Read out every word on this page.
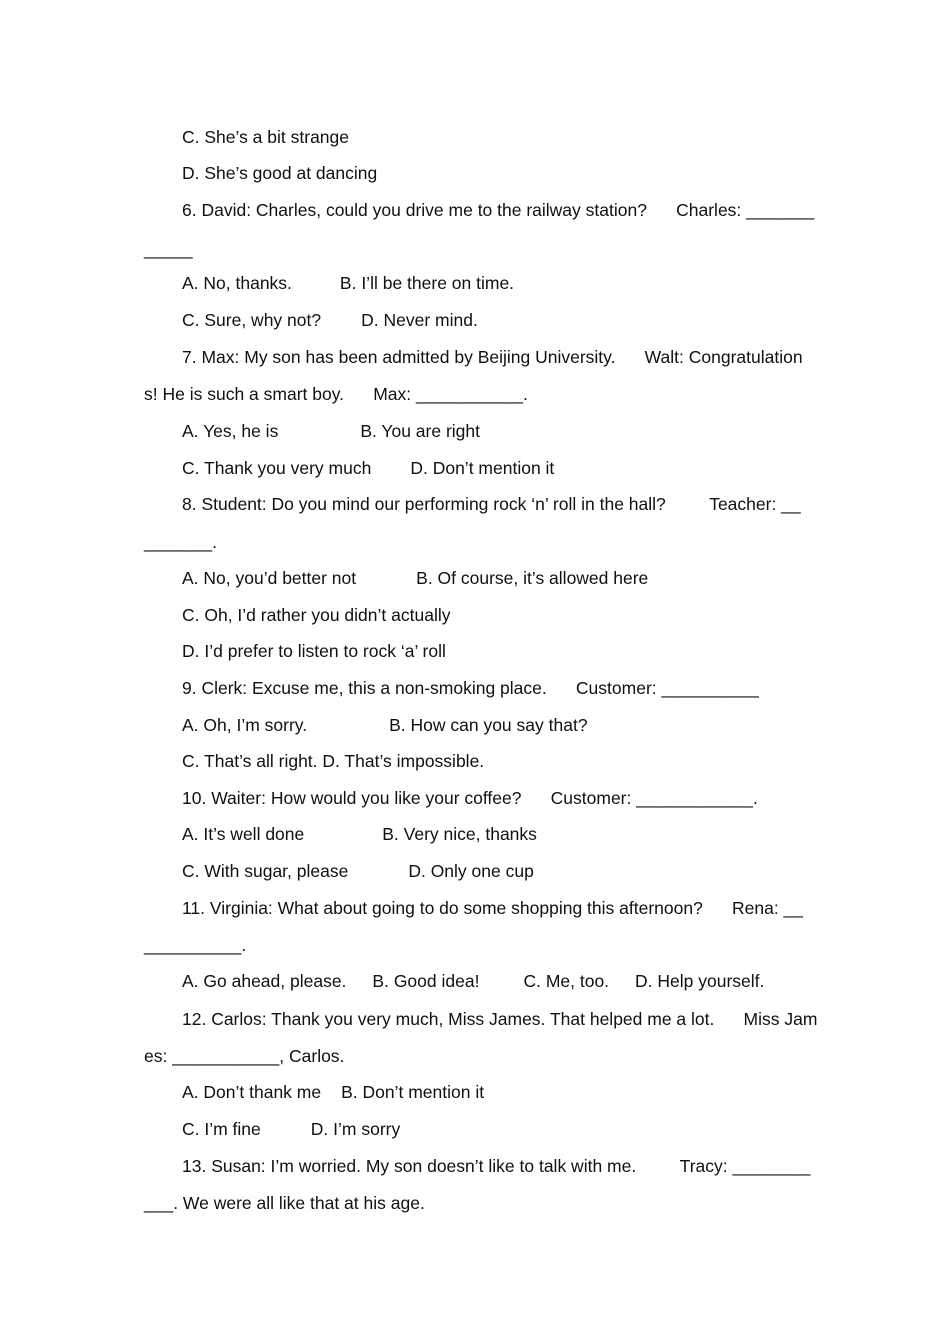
C. She’s a bit strange
D. She’s good at dancing
6. David: Charles, could you drive me to the railway station?      Charles: _______
_____
A. No, thanks.	B. I’ll be there on time.
C. Sure, why not? D. Never mind.
7. Max: My son has been admitted by Beijing University.      Walt: Congratulation
s! He is such a smart boy.      Max: ___________.
A. Yes, he is	B. You are right
C. Thank you very much D. Don’t mention it
8. Student: Do you mind our performing rock ‘n’ roll in the hall?         Teacher: __
_______.
A. No, you’d better not	B. Of course, it’s allowed here
C. Oh, I’d rather you didn’t actually
D. I’d prefer to listen to rock ‘a’ roll
9. Clerk: Excuse me, this a non-smoking place.      Customer: __________
A. Oh, I’m sorry.	B. How can you say that?
C. That’s all right. D. That’s impossible.
10. Waiter: How would you like your coffee?      Customer: ____________.
A. It’s well done	B. Very nice, thanks
C. With sugar, please	D. Only one cup
11. Virginia: What about going to do some shopping this afternoon?      Rena: __
__________.
A. Go ahead, please. B. Good idea!	C. Me, too. D. Help yourself.
12. Carlos: Thank you very much, Miss James. That helped me a lot.      Miss Jam
es: ___________, Carlos.
A. Don’t thank me B. Don’t mention it
C. I’m fine	D. I’m sorry
13. Susan: I’m worried. My son doesn’t like to talk with me.         Tracy: ________
___. We were all like that at his age.
